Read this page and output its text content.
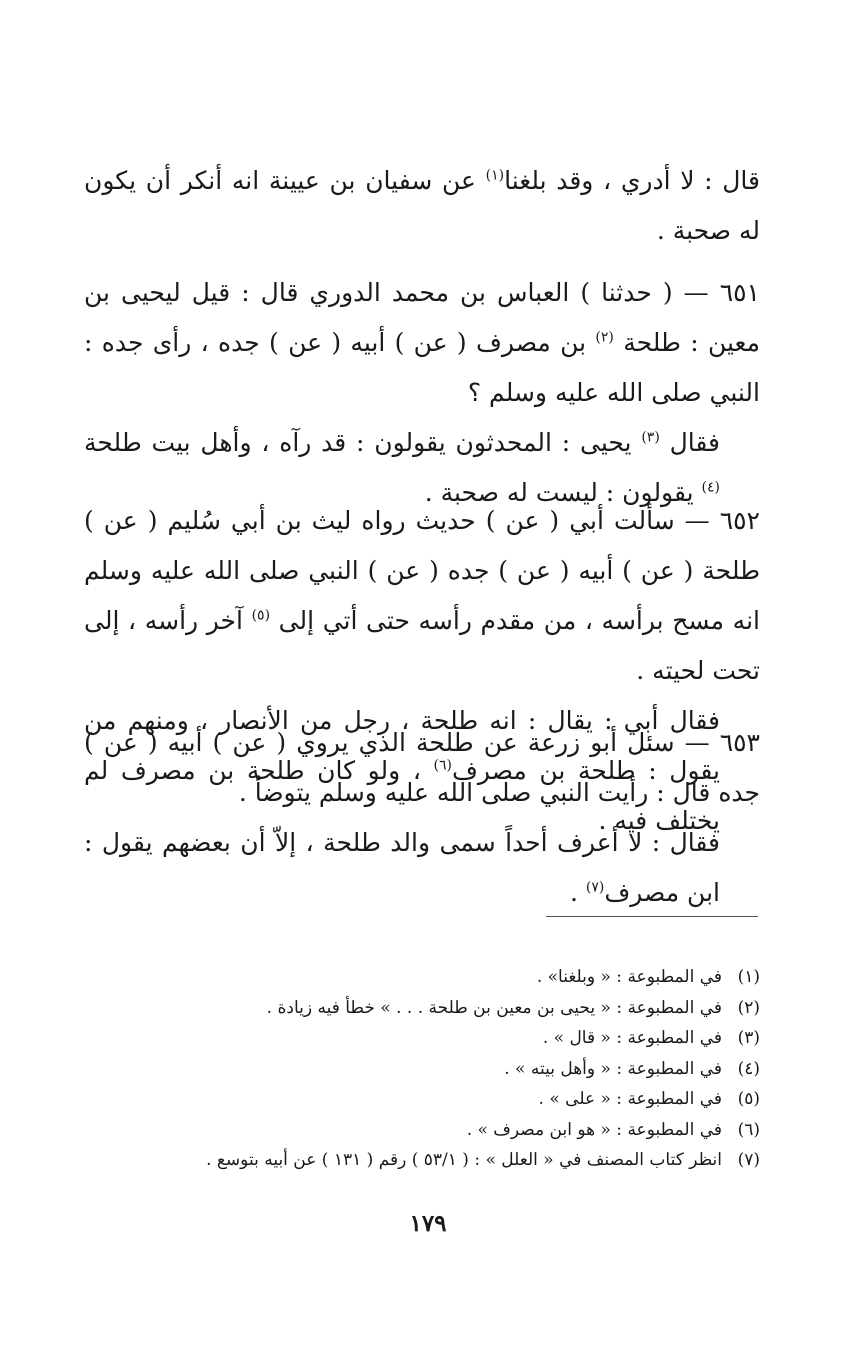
قال : لا أدري ، وقد بلغنا$^{(١)}$ عن سفيان بن عيينة انه أنكر أن يكون له صحبة .

٦٥١ — ( حدثنا ) العباس بن محمد الدوري قال : قيل ليحيى بن معين : طلحة $^{(٢)}$ بن مصرف ( عن ) أبيه ( عن ) جده ، رأى جده : النبي صلى الله عليه وسلم ؟

فقال $^{(٣)}$ يحيى : المحدثون يقولون : قد رآه ، وأهل بيت طلحة $^{(٤)}$ يقولون : ليست له صحبة .

٦٥٢ — سألت أبي ( عن ) حديث رواه ليث بن أبي سُليم ( عن ) طلحة ( عن ) أبيه ( عن ) جده ( عن ) النبي صلى الله عليه وسلم انه مسح برأسه ، من مقدم رأسه حتى أتي إلى $^{(٥)}$ آخر رأسه ، إلى تحت لحيته .

فقال أبي : يقال : انه طلحة ، رجل من الأنصار ، ومنهم من يقول : طلحة بن مصرف$^{(٦)}$ ، ولو كان طلحة بن مصرف لم يختلف فيه .

٦٥٣ — سئل أبو زرعة عن طلحة الذي يروي ( عن ) أبيه ( عن ) جده قال : رأيت النبي صلى الله عليه وسلم يتوضأ .

فقال : لا أعرف أحداً سمى والد طلحة ، إلاّ أن بعضهم يقول : ابن مصرف$^{(٧)}$ .

(١)في المطبوعة : « وبلغنا» .
(٢)في المطبوعة : « يحيى بن معين بن طلحة . . . » خطأ فيه زيادة .
(٣)في المطبوعة : « قال » .
(٤)في المطبوعة : « وأهل بيته » .
(٥)في المطبوعة : « على » .
(٦)في المطبوعة : « هو ابن مصرف » .
(٧)انظر كتاب المصنف في « العلل » : ( ٥٣/١ ) رقم ( ١٣١ ) عن أبيه بتوسع .
١٧٩
